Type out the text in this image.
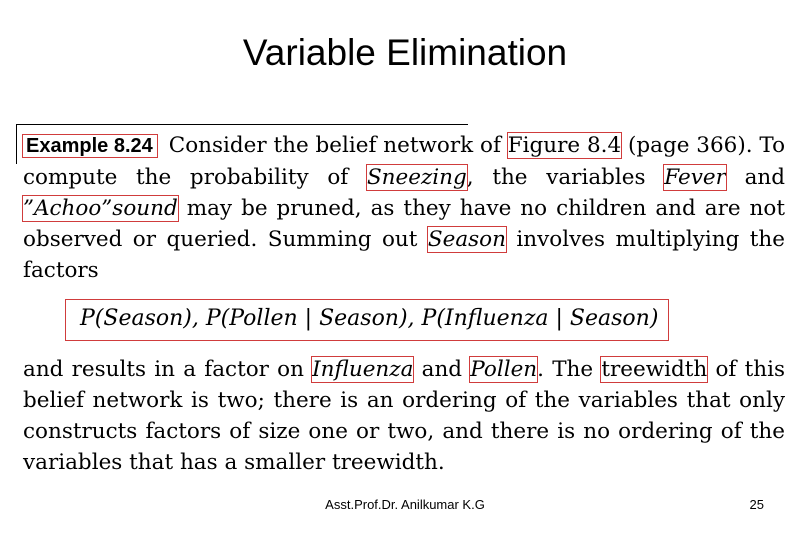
Variable Elimination

Example 8.24 Consider the belief network of Figure 8.4 (page 366). To compute the probability of Sneezing, the variables Fever and ”Achoo”sound may be pruned, as they have no children and are not observed or queried. Summing out Season involves multiplying the factors

P(Season), P(Pollen | Season), P(Influenza | Season)

and results in a factor on Influenza and Pollen. The treewidth of this belief network is two; there is an ordering of the variables that only constructs factors of size one or two, and there is no ordering of the variables that has a smaller treewidth.

Asst.Prof.Dr. Anilkumar K.G	25
